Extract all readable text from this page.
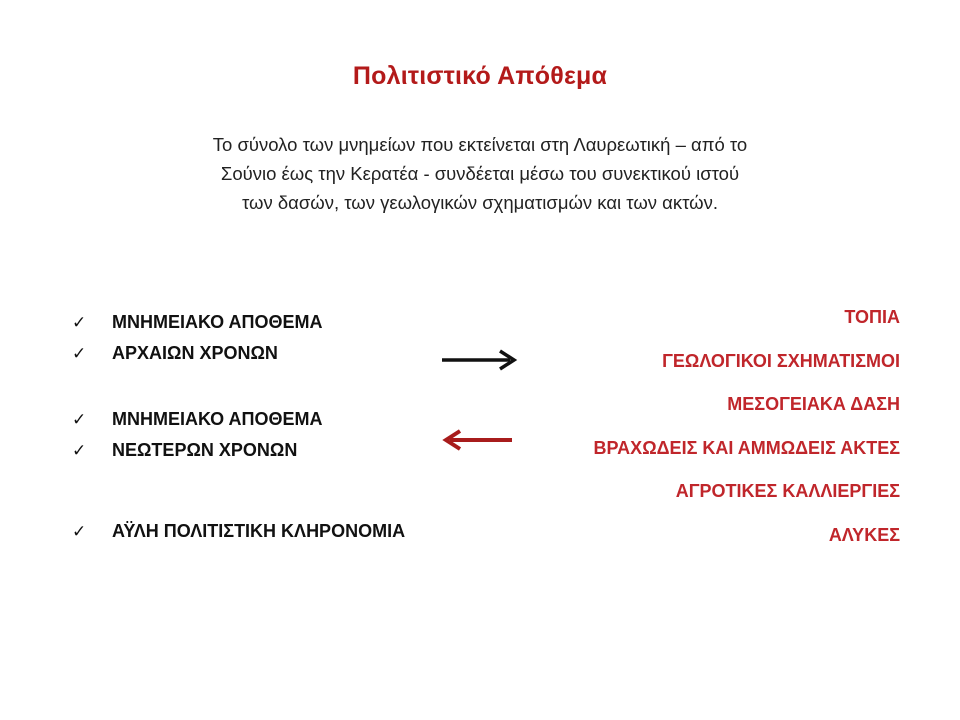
Πολιτιστικό Απόθεμα
Το σύνολο των μνημείων που εκτείνεται στη Λαυρεωτική – από το
Σούνιο έως την Κερατέα - συνδέεται μέσω του συνεκτικού ιστού
των δασών, των γεωλογικών σχηματισμών και των ακτών.
✓	ΜΝΗΜΕΙΑΚΟ ΑΠΟΘΕΜΑ
✓	ΑΡΧΑΙΩΝ ΧΡΟΝΩΝ
✓	ΜΝΗΜΕΙΑΚΟ ΑΠΟΘΕΜΑ
✓	ΝΕΩΤΕΡΩΝ ΧΡΟΝΩΝ
✓	ΑΫΛΗ ΠΟΛΙΤΙΣΤΙΚΗ ΚΛΗΡΟΝΟΜΙΑ
ΤΟΠΙΑ
ΓΕΩΛΟΓΙΚΟΙ ΣΧΗΜΑΤΙΣΜΟΙ
ΜΕΣΟΓΕΙΑΚΑ ΔΑΣΗ
ΒΡΑΧΩΔΕΙΣ ΚΑΙ ΑΜΜΩΔΕΙΣ ΑΚΤΕΣ
ΑΓΡΟΤΙΚΕΣ ΚΑΛΛΙΕΡΓΙΕΣ
ΑΛΥΚΕΣ
